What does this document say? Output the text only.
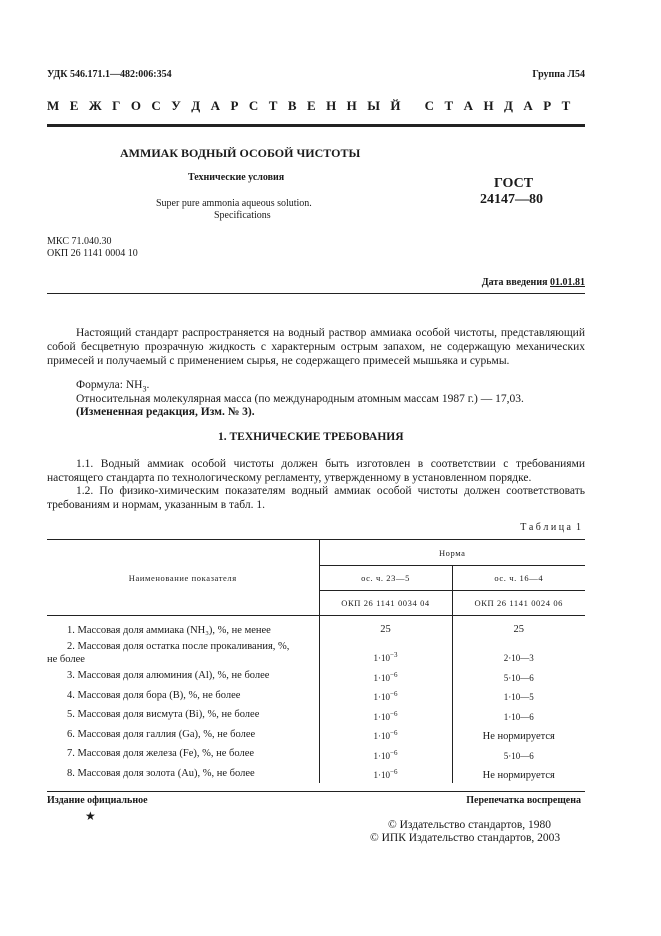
УДК 546.171.1—482:006:354	Группа Л54
М Е Ж Г О С У Д А Р С Т В Е Н Н Ы Й   С Т А Н Д А Р Т
АММИАК ВОДНЫЙ ОСОБОЙ ЧИСТОТЫ
Технические условия
Super pure ammonia aqueous solution.
Specifications
ГОСТ
24147—80
МКС 71.040.30
ОКП 26 1141 0004 10
Дата введения 01.01.81
Настоящий стандарт распространяется на водный раствор аммиака особой чистоты, представляющий собой бесцветную прозрачную жидкость с характерным острым запахом, не содержащую механических примесей и получаемый с применением сырья, не содержащего примесей мышьяка и сурьмы.
Формула: $NH_3$.
Относительная молекулярная масса (по международным атомным массам 1987 г.) — 17,03.
(Измененная редакция, Изм. № 3).
1. ТЕХНИЧЕСКИЕ ТРЕБОВАНИЯ
1.1. Водный аммиак особой чистоты должен быть изготовлен в соответствии с требованиями настоящего стандарта по технологическому регламенту, утвержденному в установленном порядке.
1.2. По физико-химическим показателям водный аммиак особой чистоты должен соответствовать требованиям и нормам, указанным в табл. 1.
Т а б л и ц а  1
Наименование показателя	Норма	
	ос. ч. 23—5	ос. ч. 16—4
	ОКП 26 1141 0034 04	ОКП 26 1141 0024 06
1. Массовая доля аммиака (NH₃), %, не менее	25	25
2. Массовая доля остатка после прокаливания, %,
не более	$1\cdot 10^{-3}$	2·10—3
3. Массовая доля алюминия (Al), %, не более	$1\cdot 10^{-6}$	5·10—6
4. Массовая доля бора (B), %, не более	$1\cdot 10^{-6}$	1·10—5
5. Массовая доля висмута (Bi), %, не более	$1\cdot 10^{-6}$	1·10—6
6. Массовая доля галлия (Ga), %, не более	$1\cdot 10^{-6}$	Не нормируется
7. Массовая доля железа (Fe), %, не более	$1\cdot 10^{-6}$	5·10—6
8. Массовая доля золота (Au), %, не более	$1\cdot 10^{-6}$	Не нормируется
Издание официальное
★
Перепечатка воспрещена
© Издательство стандартов, 1980
© ИПК Издательство стандартов, 2003
